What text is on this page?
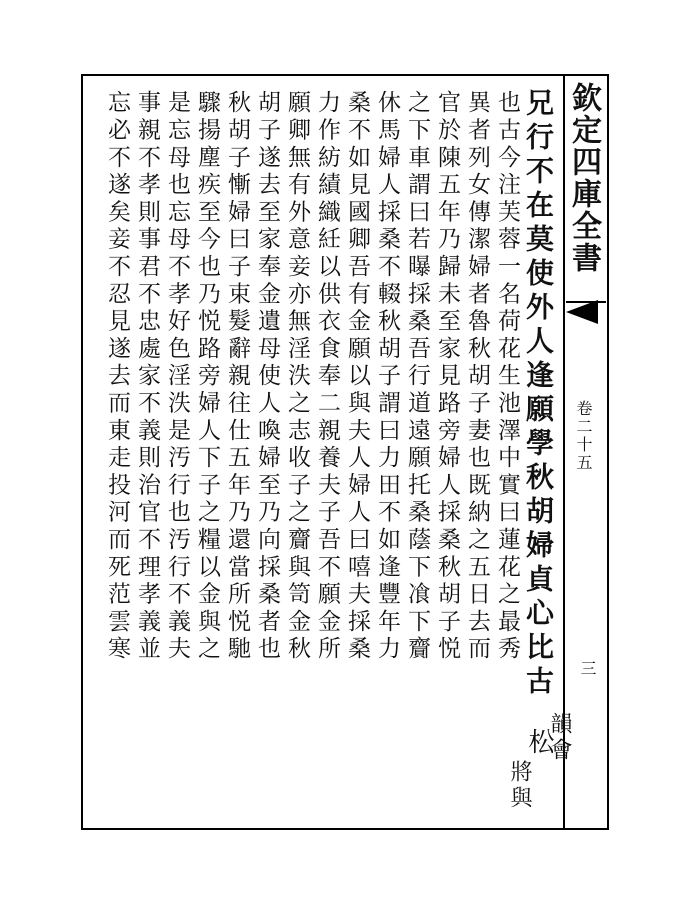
欽定四庫全書
卷二十五
三
兄行不在莫使外人逢願學秋胡婦貞心比古
松
韻會
將與
也古今注芙蓉一名荷花生池澤中實曰蓮花之最秀
異者列女傳潔婦者魯秋胡子妻也既納之五日去而
官於陳五年乃歸未至家見路旁婦人採桑秋胡子悦
之下車謂曰若曝採桑吾行道遠願托桑蔭下飡下齎
休馬婦人採桑不輟秋胡子謂曰力田不如逢豐年力
桑不如見國卿吾有金願以與夫人婦人曰嘻夫採桑
力作紡績織紝以供衣食奉二親養夫子吾不願金所
願卿無有外意妾亦無淫泆之志收子之齎與笥金秋
胡子遂去至家奉金遺母使人喚婦至乃向採桑者也
秋胡子慚婦曰子束髮辭親往仕五年乃還當所悦馳
驟揚塵疾至今也乃悦路旁婦人下子之糧以金與之
是忘母也忘母不孝好色淫泆是汚行也汚行不義夫
事親不孝則事君不忠處家不義則治官不理孝義並
忘必不遂矣妾不忍見遂去而東走投河而死范雲寒
